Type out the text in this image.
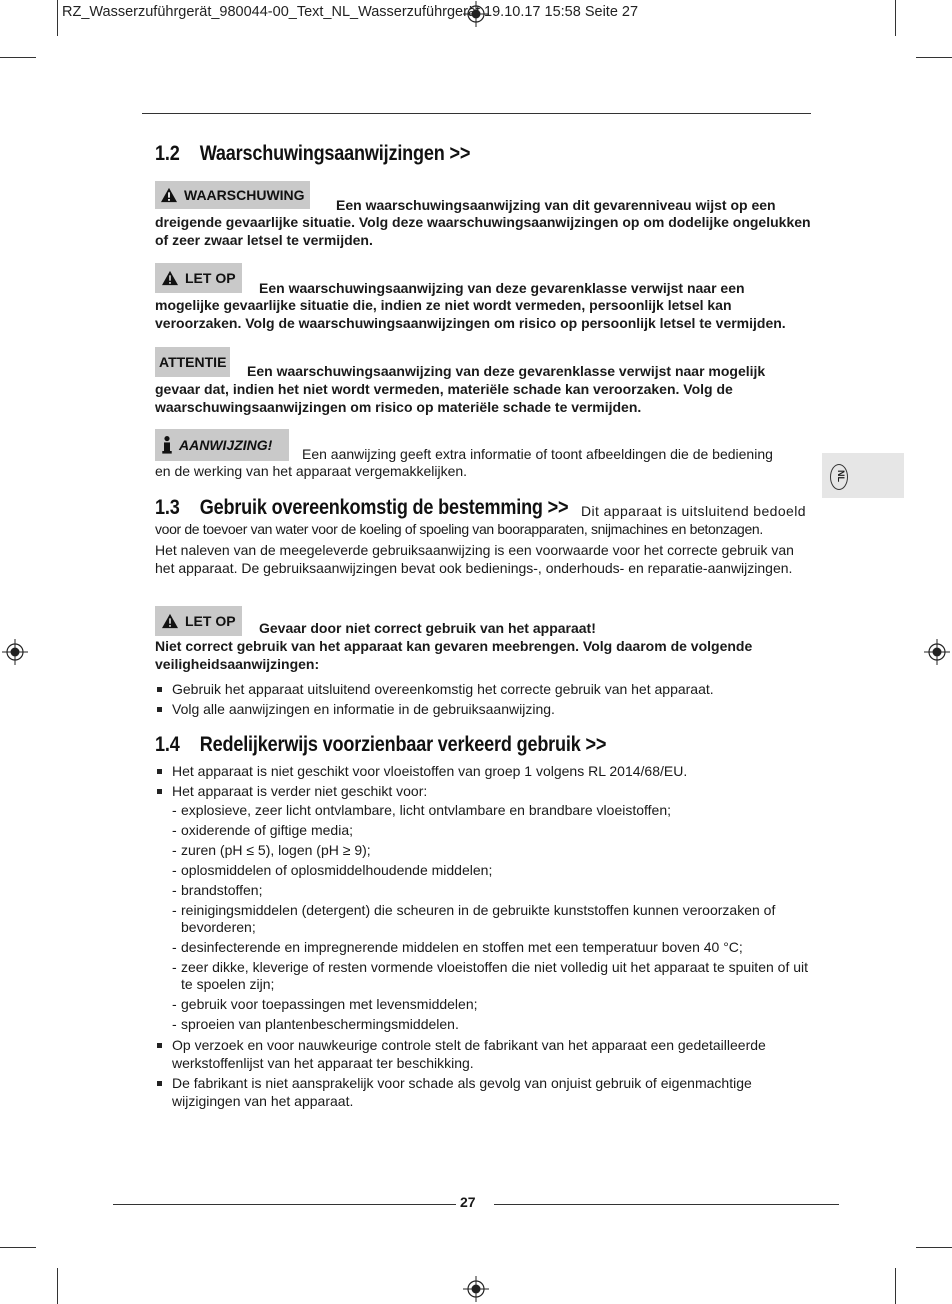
RZ_Wasserzuführgerät_980044-00_Text_NL_Wasserzuführgerät 19.10.17 15:58 Seite 27
NL
1.2 Waarschuwingsaanwijzingen >>
WAARSCHUWING
Een waarschuwingsaanwijzing van dit gevarenniveau wijst op een
dreigende gevaarlijke situatie. Volg deze waarschuwingsaanwijzingen op om dodelijke ongelukken of zeer zwaar letsel te vermijden.
LET OP
Een waarschuwingsaanwijzing van deze gevarenklasse verwijst naar een
mogelijke gevaarlijke situatie die, indien ze niet wordt vermeden, persoonlijk letsel kan veroorzaken. Volg de waarschuwingsaanwijzingen om risico op persoonlijk letsel te vermijden.
ATTENTIE
Een waarschuwingsaanwijzing van deze gevarenklasse verwijst naar mogelijk
gevaar dat, indien het niet wordt vermeden, materiële schade kan veroorzaken. Volg de waarschuwingsaanwijzingen om risico op materiële schade te vermijden.
AANWIJZING!
Een aanwijzing geeft extra informatie of toont afbeeldingen die de bediening
en de werking van het apparaat vergemakkelijken.
1.3 Gebruik overeenkomstig de bestemming >> Dit apparaat is uitsluitend bedoeld
voor de toevoer van water voor de koeling of spoeling van boorapparaten, snijmachines en betonzagen.
Het naleven van de meegeleverde gebruiksaanwijzing is een voorwaarde voor het correcte gebruik van het apparaat. De gebruiksaanwijzingen bevat ook bedienings-, onderhouds- en reparatie-aanwijzingen.
LET OP Gevaar door niet correct gebruik van het apparaat!
Niet correct gebruik van het apparaat kan gevaren meebrengen. Volg daarom de volgende veiligheidsaanwijzingen:
Gebruik het apparaat uitsluitend overeenkomstig het correcte gebruik van het apparaat.
Volg alle aanwijzingen en informatie in de gebruiksaanwijzing.
1.4 Redelijkerwijs voorzienbaar verkeerd gebruik >>
Het apparaat is niet geschikt voor vloeistoffen van groep 1 volgens RL 2014/68/EU.
Het apparaat is verder niet geschikt voor:
- explosieve, zeer licht ontvlambare, licht ontvlambare en brandbare vloeistoffen;
- oxiderende of giftige media;
- zuren (pH ≤ 5), logen (pH ≥ 9);
- oplosmiddelen of oplosmiddelhoudende middelen;
- brandstoffen;
- reinigingsmiddelen (detergent) die scheuren in de gebruikte kunststoffen kunnen veroorzaken of bevorderen;
- desinfecterende en impregnerende middelen en stoffen met een temperatuur boven 40 °C;
- zeer dikke, kleverige of resten vormende vloeistoffen die niet volledig uit het apparaat te spuiten of uit te spoelen zijn;
- gebruik voor toepassingen met levensmiddelen;
- sproeien van plantenbeschermingsmiddelen.
Op verzoek en voor nauwkeurige controle stelt de fabrikant van het apparaat een gedetailleerde werkstoffenlijst van het apparaat ter beschikking.
De fabrikant is niet aansprakelijk voor schade als gevolg van onjuist gebruik of eigenmachtige wijzigingen van het apparaat.
27
